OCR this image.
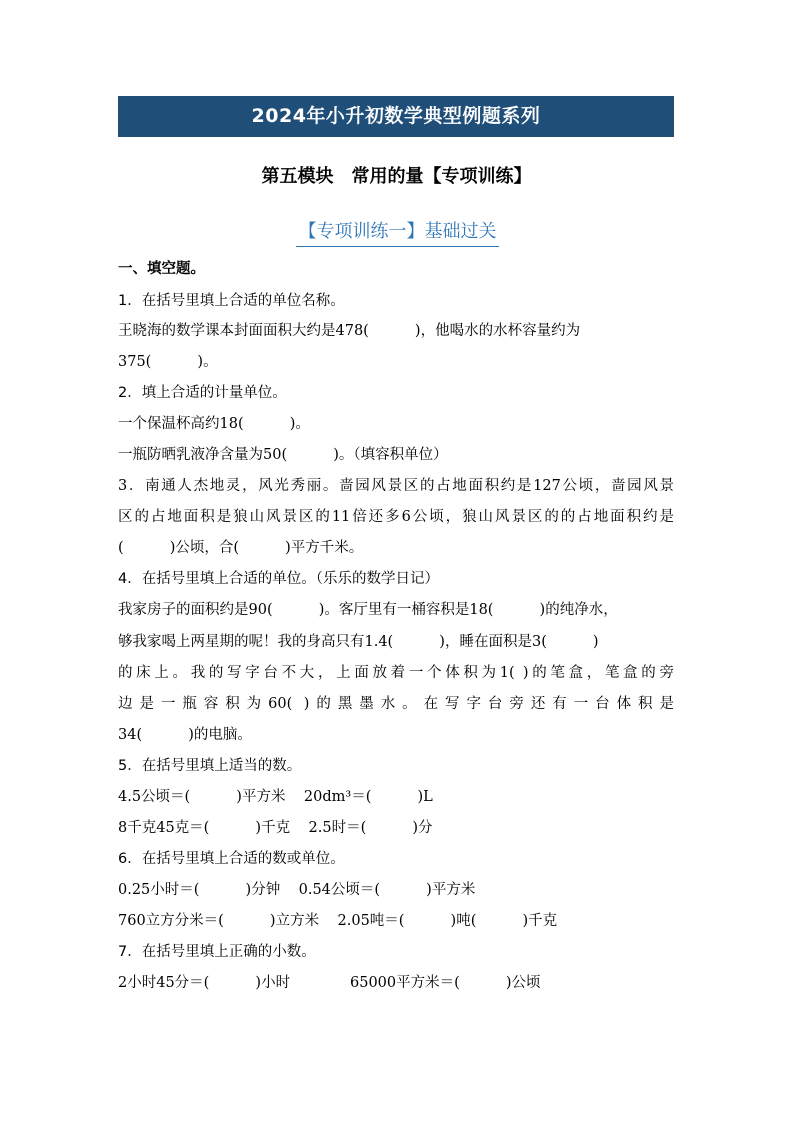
2024年小升初数学典型例题系列
第五模块　常用的量【专项训练】
【专项训练一】基础过关
一、填空题。
1．在括号里填上合适的单位名称。
王晓海的数学课本封面面积大约是478(          )，他喝水的水杯容量约为
375(          )。
2．填上合适的计量单位。
一个保温杯高约18(          )。
一瓶防晒乳液净含量为50(          )。（填容积单位）
3．南通人杰地灵，风光秀丽。啬园风景区的占地面积约是127公顷，啬园风景
区的占地面积是狼山风景区的11倍还多6公顷，狼山风景区的的占地面积约是
(          )公顷，合(          )平方千米。
4．在括号里填上合适的单位。（乐乐的数学日记）
我家房子的面积约是90(          )。客厅里有一桶容积是18(          )的纯净水，
够我家喝上两星期的呢！我的身高只有1.4(          )，睡在面积是3(          )
的床上。我的写字台不大，上面放着一个体积为1( )的笔盒，笔盒的旁
边是一瓶容积为60( )的黑墨水。在写字台旁还有一台体积是
34(          )的电脑。
5．在括号里填上适当的数。
4.5公顷＝(          )平方米    20dm³＝(          )L
8千克45克＝(          )千克    2.5时＝(          )分
6．在括号里填上合适的数或单位。
0.25小时＝(          )分钟    0.54公顷＝(          )平方米
760立方分米＝(          )立方米    2.05吨＝(          )吨(          )千克
7．在括号里填上正确的小数。
2小时45分＝(          )小时             65000平方米＝(          )公顷
